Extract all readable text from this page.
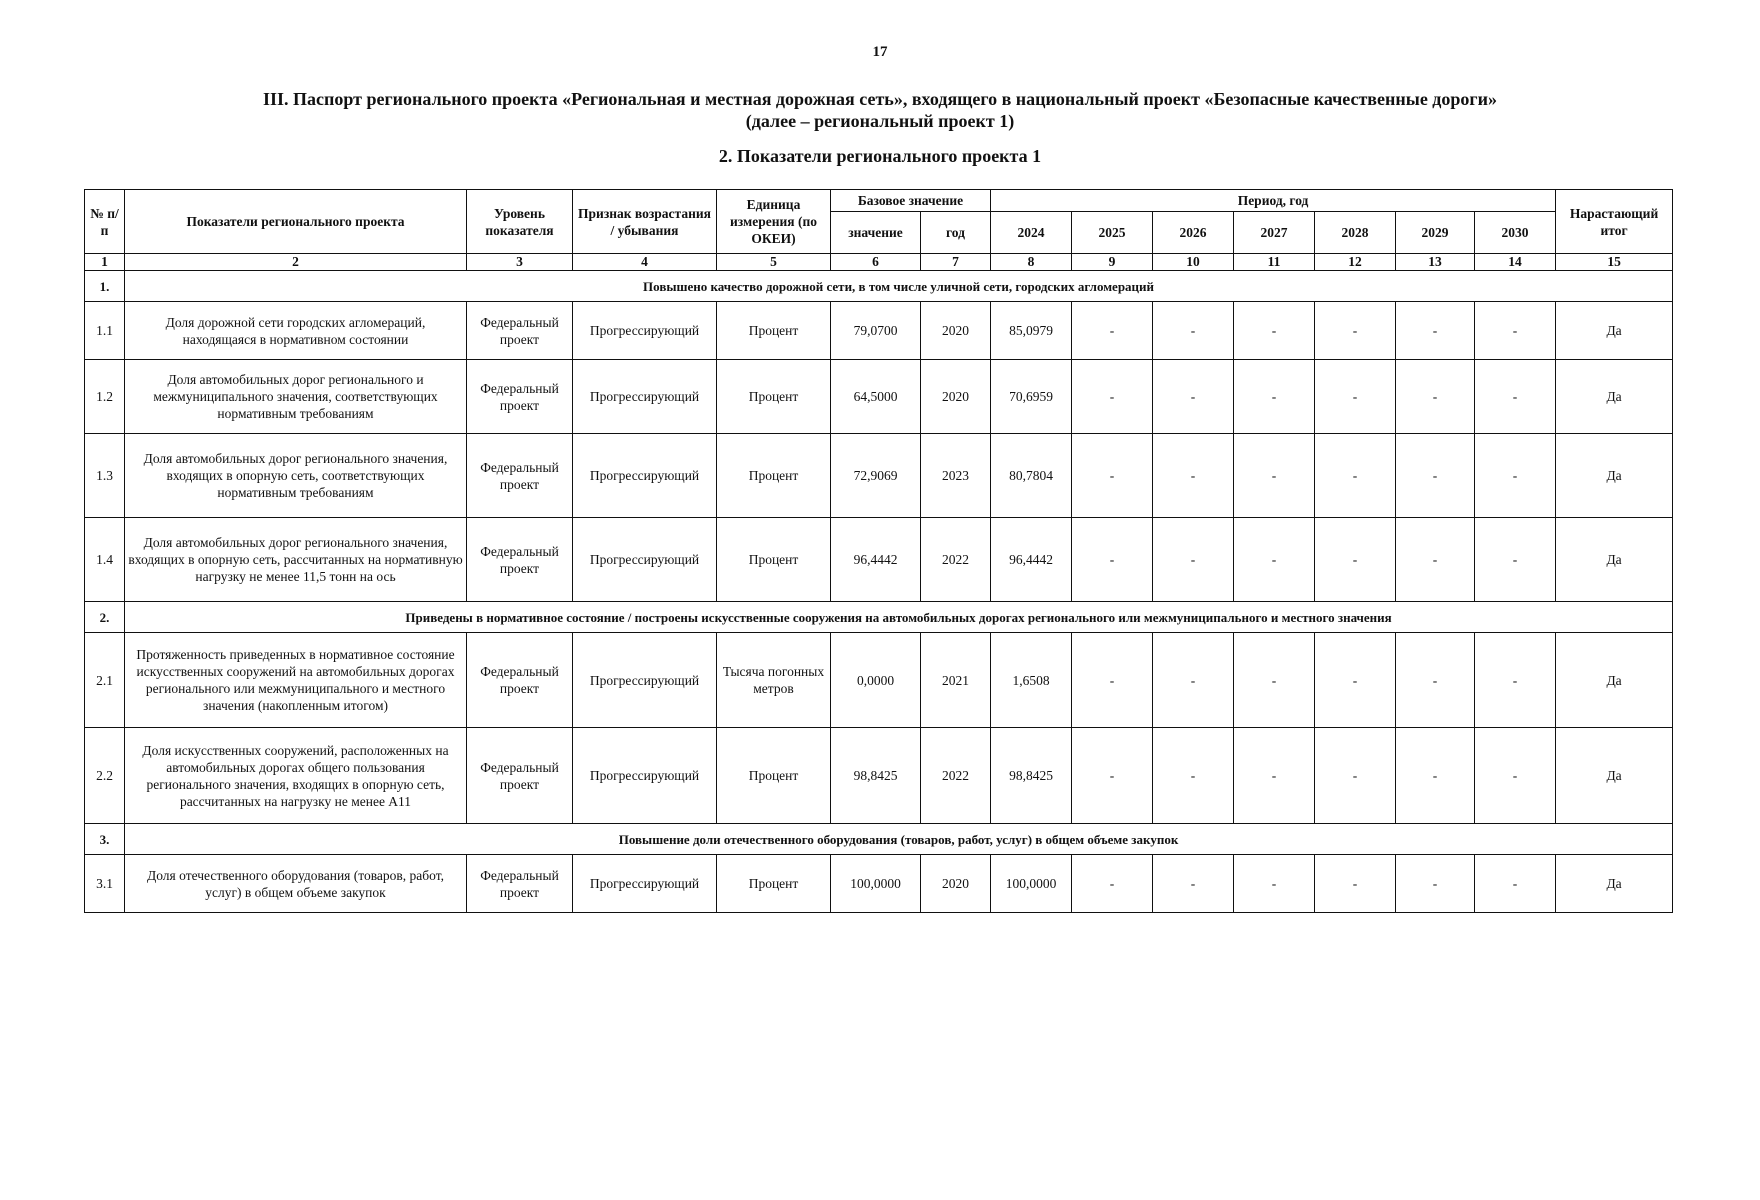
17
III. Паспорт регионального проекта «Региональная и местная дорожная сеть», входящего в национальный проект «Безопасные качественные дороги»
(далее – региональный проект 1)
2. Показатели регионального проекта 1
№ п/п	Показатели регионального проекта	Уровень показателя	Признак возрастания / убывания	Единица измерения (по ОКЕИ)	Базовое значение		Период, год							Нарастающий итог
					значение	год	2024	2025	2026	2027	2028	2029	2030	
1	2	3	4	5	6	7	8	9	10	11	12	13	14	15
1.	Повышено качество дорожной сети, в том числе уличной сети, городских агломераций													
1.1	Доля дорожной сети городских агломераций, находящаяся в нормативном состоянии	Федеральный проект	Прогрессирующий	Процент	79,0700	2020	85,0979	-	-	-	-	-	-	Да
1.2	Доля автомобильных дорог регионального и межмуниципального значения, соответствующих нормативным требованиям	Федеральный проект	Прогрессирующий	Процент	64,5000	2020	70,6959	-	-	-	-	-	-	Да
1.3	Доля автомобильных дорог регионального значения, входящих в опорную сеть, соответствующих нормативным требованиям	Федеральный проект	Прогрессирующий	Процент	72,9069	2023	80,7804	-	-	-	-	-	-	Да
1.4	Доля автомобильных дорог регионального значения, входящих в опорную сеть, рассчитанных на нормативную нагрузку не менее 11,5 тонн на ось	Федеральный проект	Прогрессирующий	Процент	96,4442	2022	96,4442	-	-	-	-	-	-	Да
2.	Приведены в нормативное состояние / построены искусственные сооружения на автомобильных дорогах регионального или межмуниципального и местного значения													
2.1	Протяженность приведенных в нормативное состояние искусственных сооружений на автомобильных дорогах регионального или межмуниципального и местного значения (накопленным итогом)	Федеральный проект	Прогрессирующий	Тысяча погонных метров	0,0000	2021	1,6508	-	-	-	-	-	-	Да
2.2	Доля искусственных сооружений, расположенных на автомобильных дорогах общего пользования регионального значения, входящих в опорную сеть, рассчитанных на нагрузку не менее А11	Федеральный проект	Прогрессирующий	Процент	98,8425	2022	98,8425	-	-	-	-	-	-	Да
3.	Повышение доли отечественного оборудования (товаров, работ, услуг) в общем объеме закупок													
3.1	Доля отечественного оборудования (товаров, работ, услуг) в общем объеме закупок	Федеральный проект	Прогрессирующий	Процент	100,0000	2020	100,0000	-	-	-	-	-	-	Да
